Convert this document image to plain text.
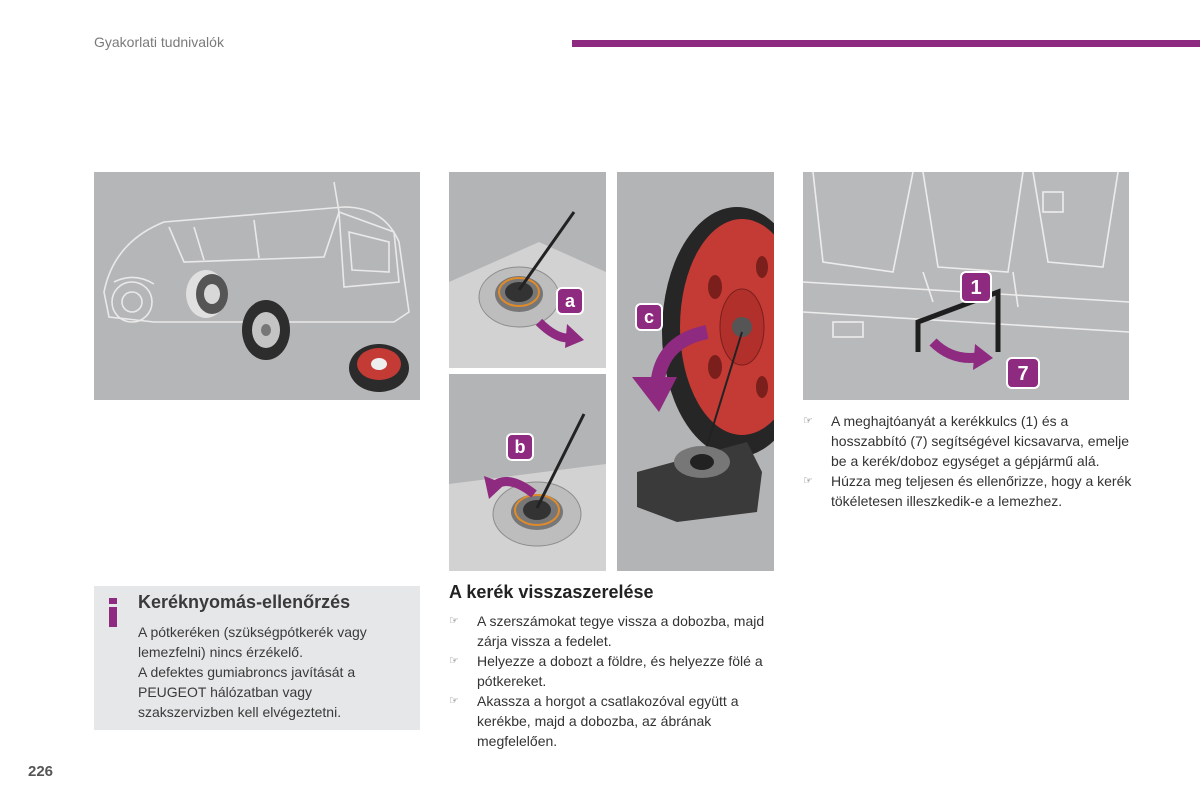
Gyakorlati tudnivalók
a
b
c
1
7
Keréknyomás-ellenőrzés

A pótkeréken (szükségpótkerék vagy lemezfelni) nincs érzékelő.

A defektes gumiabroncs javítását a PEUGEOT hálózatban vagy szakszervizben kell elvégeztetni.

A kerék visszaszerelése
☞ A szerszámokat tegye vissza a dobozba, majd zárja vissza a fedelet.
☞ Helyezze a dobozt a földre, és helyezze fölé a pótkereket.
☞ Akassza a horgot a csatlakozóval együtt a kerékbe, majd a dobozba, az ábrának megfelelően.
☞ A meghajtóanyát a kerékkulcs (1) és a hosszabbító (7) segítségével kicsavarva, emelje be a kerék/doboz egységet a gépjármű alá.
☞ Húzza meg teljesen és ellenőrizze, hogy a kerék tökéletesen illeszkedik-e a lemezhez.
226
